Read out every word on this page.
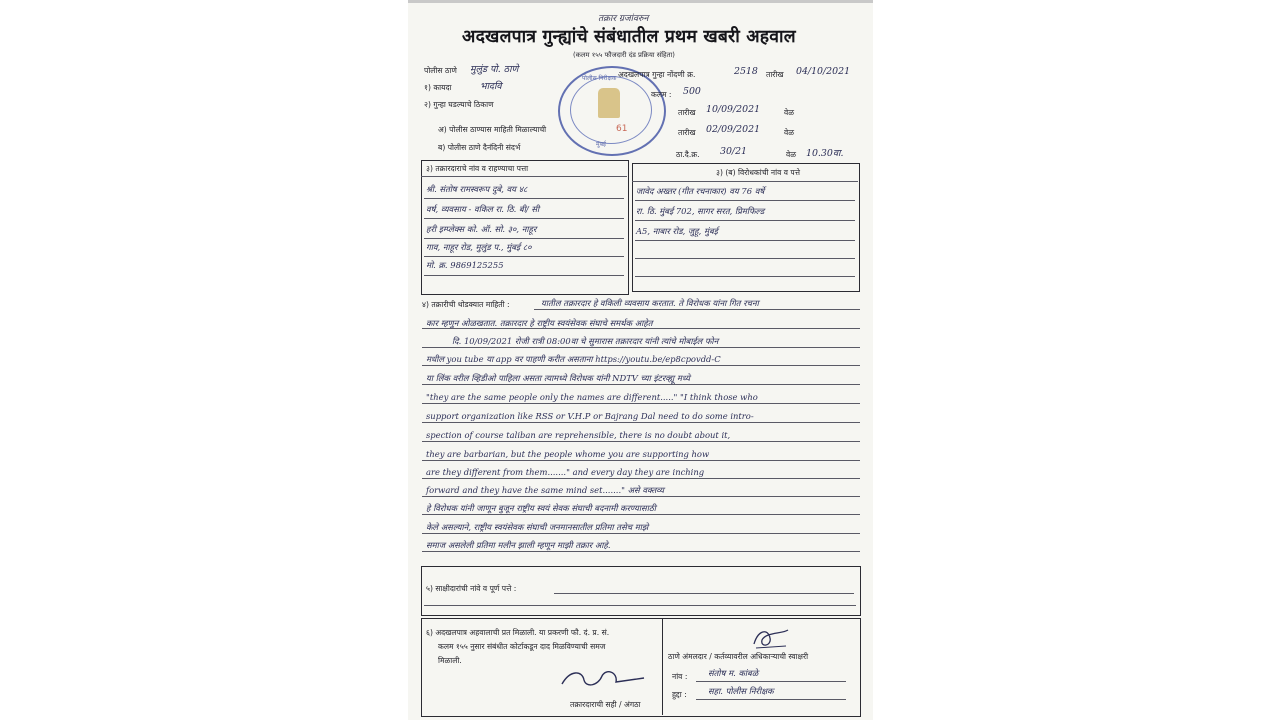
तक्रार ग्रजांवरुन
अदखलपात्र गुन्ह्यांचे संबंधातील प्रथम खबरी अहवाल
(कलम १५५ फौजदारी दंड प्रक्रिया संहिता)
पोलीस निरीक्षक
मुंबई
61
पोलीस ठाणे मुलुंड पो. ठाणे	अदखलपात्र गुन्हा नोंदणी क्र.	2518 तारीख 04/10/2021
१) कायदा	भादवि
कलम : 500
२) गुन्हा घडल्याचे ठिकाण
तारीख 10/09/2021	वेळ
अ) पोलीस ठाण्यास माहिती मिळाल्याची	तारीख 02/09/2021	वेळ
ब) पोलीस ठाणे दैनंदिनी संदर्भ
ठा.दै.क्र. 30/21	वेळ 10.30वा.
३) तक्रारदाराचे नांव व राहण्याचा पत्ता	३) (ब) विरोधकांची नांव व पत्ते
श्री. संतोष रामस्वरूप दुबे, वय ४८
वर्ष, व्यवसाय - वकिल रा. ठि. बी/ सी
हरी इम्प्लेक्स को. ऑ. सो. ३०, नाहूर
गाव, नाहूर रोड, मुलुंड प., मुंबई ८०
मो. क्र. 9869125255
जावेद अख्तर (गीत रचनाकार) वय 76 वर्षे
रा. ठि. मुंबई 702, सागर सरत, प्रिमफिल्ड
A5, नाबार रोड, जुहू, मुंबई
४) तक्रारीची थोडक्यात माहिती :	यातील तक्रारदार हे वकिली व्यवसाय करतात. ते विरोधक यांना गित रचना
कार म्हणुन ओळखतात. तक्रारदार हे राष्ट्रीय स्वयंसेवक संघाचे समर्थक आहेत
दि. 10/09/2021 रोजी रात्री 08:00वा चे सुमारास तक्रारदार यांनी त्यांचे मोबाईल फोन
मधील you tube या app वर पाहणी करीत असताना https://youtu.be/ep8cpovdd-C
या लिंक वरील व्हिडीओ पाहिला असता त्यामध्ये विरोधक यांनी NDTV च्या इंटरव्ह्यू मध्ये
"they are the same people only the names are different....." "I think those who
support organization like RSS or V.H.P or Bajrang Dal need to do some intro-
spection of course taliban are reprehensible, there is no doubt about it,
they are barbarian, but the people whome you are supporting how
are they different from them......." and every day they are inching
forward and they have the same mind set......." असे वक्तव्य
हे विरोधक यांनी जाणून बुजून राष्ट्रीय स्वयं सेवक संघाची बदनामी करण्यासाठी
केले असल्याने, राष्ट्रीय स्वयंसेवक संघाची जनमानसातील प्रतिमा तसेच माझे
समाज असलेली प्रतिमा मलीन झाली म्हणून माझी तक्रार आहे.
५) साक्षीदारांची नांवे व पूर्ण पत्ते :
६) अदखलपात्र अहवालाची प्रत मिळाली. या प्रकरणी फौ. दं. प्र. सं.
कलम १५५ नुसार संबंधीत कोर्टाकडून दाद मिळविण्याची समज
मिळाली.
तक्रारदाराची सही / अंगठा
ठाणे अंमलदार / कर्तव्यावरील अधिकाऱ्याची स्वाक्षरी
नांव : संतोष म. कांबळे
हुद्दा :	सहा. पोलीस निरीक्षक
